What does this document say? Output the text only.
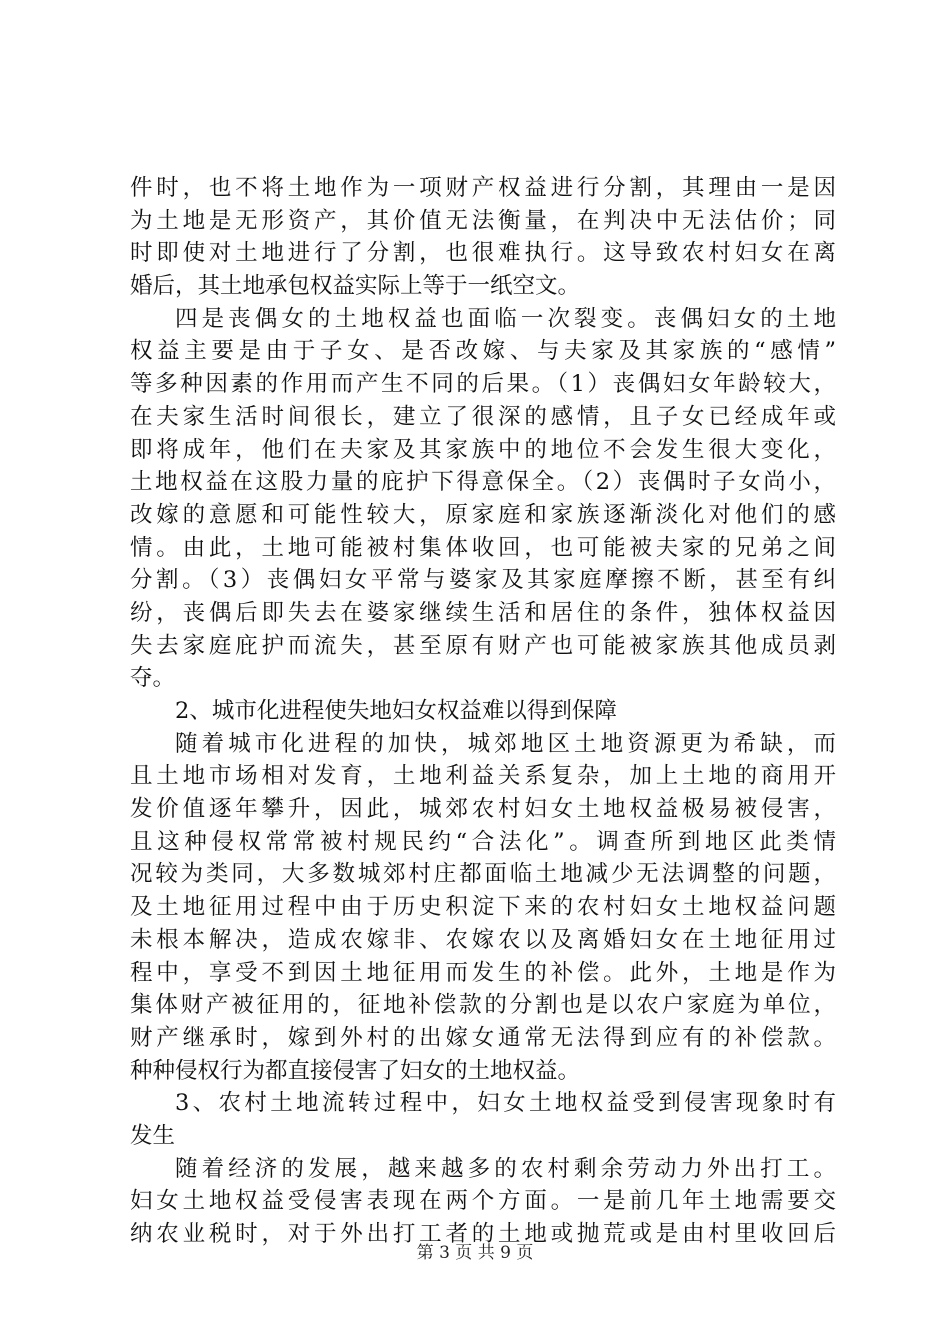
件时，也不将土地作为一项财产权益进行分割，其理由一是因
为土地是无形资产，其价值无法衡量，在判决中无法估价；同
时即使对土地进行了分割，也很难执行。这导致农村妇女在离
婚后，其土地承包权益实际上等于一纸空文。
四是丧偶女的土地权益也面临一次裂变。丧偶妇女的土地
权益主要是由于子女、是否改嫁、与夫家及其家族的“感情”
等多种因素的作用而产生不同的后果。（1）丧偶妇女年龄较大，
在夫家生活时间很长，建立了很深的感情，且子女已经成年或
即将成年，他们在夫家及其家族中的地位不会发生很大变化，
土地权益在这股力量的庇护下得意保全。（2）丧偶时子女尚小，
改嫁的意愿和可能性较大，原家庭和家族逐渐淡化对他们的感
情。由此，土地可能被村集体收回，也可能被夫家的兄弟之间
分割。（3）丧偶妇女平常与婆家及其家庭摩擦不断，甚至有纠
纷，丧偶后即失去在婆家继续生活和居住的条件，独体权益因
失去家庭庇护而流失，甚至原有财产也可能被家族其他成员剥
夺。
2、城市化进程使失地妇女权益难以得到保障
随着城市化进程的加快，城郊地区土地资源更为希缺，而
且土地市场相对发育，土地利益关系复杂，加上土地的商用开
发价值逐年攀升，因此，城郊农村妇女土地权益极易被侵害，
且这种侵权常常被村规民约“合法化”。调查所到地区此类情
况较为类同，大多数城郊村庄都面临土地减少无法调整的问题，
及土地征用过程中由于历史积淀下来的农村妇女土地权益问题
未根本解决，造成农嫁非、农嫁农以及离婚妇女在土地征用过
程中，享受不到因土地征用而发生的补偿。此外，土地是作为
集体财产被征用的，征地补偿款的分割也是以农户家庭为单位，
财产继承时，嫁到外村的出嫁女通常无法得到应有的补偿款。
种种侵权行为都直接侵害了妇女的土地权益。
3、农村土地流转过程中，妇女土地权益受到侵害现象时有
发生
随着经济的发展，越来越多的农村剩余劳动力外出打工。
妇女土地权益受侵害表现在两个方面。一是前几年土地需要交
纳农业税时，对于外出打工者的土地或抛荒或是由村里收回后
第 3 页 共 9 页
